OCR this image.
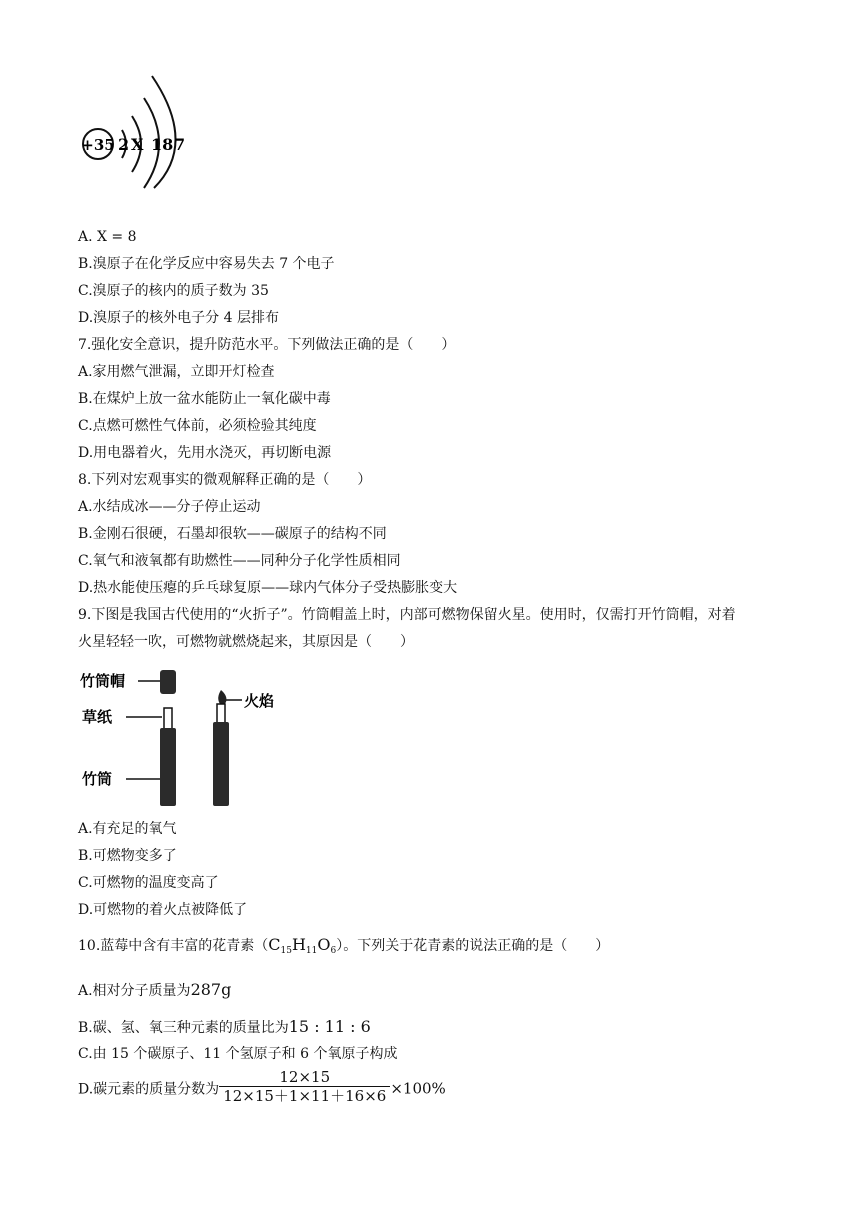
+35 2 X 18 7
A. X = 8
B.溴原子在化学反应中容易失去 7 个电子
C.溴原子的核内的质子数为 35
D.溴原子的核外电子分 4 层排布
7.强化安全意识，提升防范水平。下列做法正确的是（　　）
A.家用燃气泄漏，立即开灯检查
B.在煤炉上放一盆水能防止一氧化碳中毒
C.点燃可燃性气体前，必须检验其纯度
D.用电器着火，先用水浇灭，再切断电源
8.下列对宏观事实的微观解释正确的是（　　）
A.水结成冰——分子停止运动
B.金刚石很硬，石墨却很软——碳原子的结构不同
C.氧气和液氧都有助燃性——同种分子化学性质相同
D.热水能使压瘪的乒乓球复原——球内气体分子受热膨胀变大
9.下图是我国古代使用的“火折子”。竹筒帽盖上时，内部可燃物保留火星。使用时，仅需打开竹筒帽，对着
火星轻轻一吹，可燃物就燃烧起来，其原因是（　　）
竹筒帽
草纸
竹筒
火焰
A.有充足的氧气
B.可燃物变多了
C.可燃物的温度变高了
D.可燃物的着火点被降低了
10.蓝莓中含有丰富的花青素$(C_{15}H_{11}O_6)$。下列关于花青素的说法正确的是（　　）
A.相对分子质量为287g
B.碳、氢、氧三种元素的质量比为15 : 11 : 6
C.由 15 个碳原子、11 个氢原子和 6 个氧原子构成
D.碳元素的质量分数为 $\frac{12\times 15}{12\times 15+1\times 11+16\times 6} \times 100\%$
